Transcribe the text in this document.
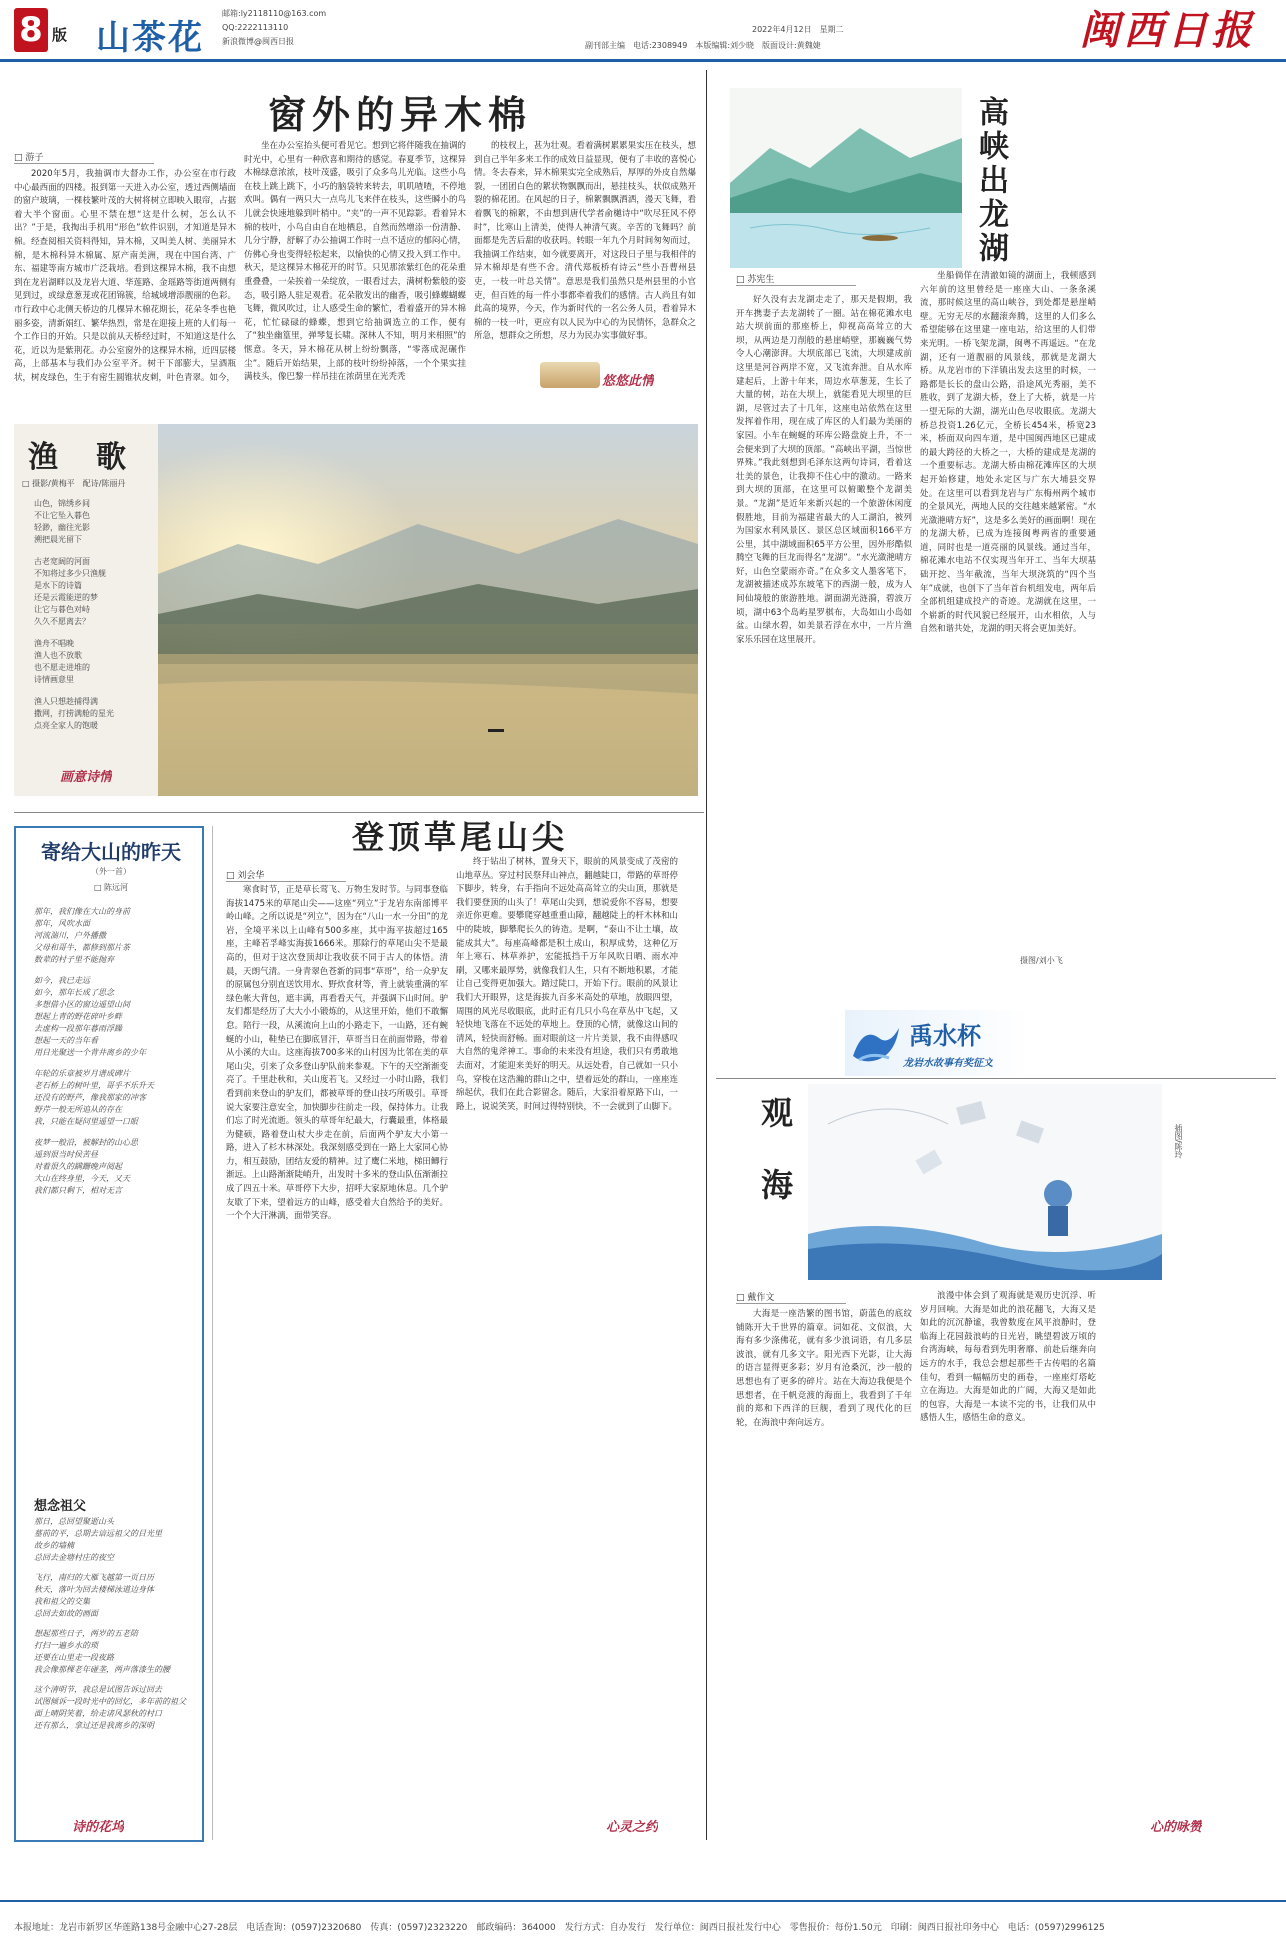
8 版 山茶花
邮箱:ly2118110@163.com
QQ:2222113110
新浪微博@闽西日报
2022年4月12日　星期二
副刊部主编　电话:2308949　本版编辑:刘少晓　版面设计:黄魏婕	闽西日报
窗外的异木棉
□ 游子

2020年5月，我抽调市大督办工作，办公室在市行政中心最西面的四楼。报到第一天进入办公室，透过西侧墙面的窗户玻璃，一棵枝繁叶茂的大树将树立即映入眼帘，占据着大半个窗面。心里不禁在想“这是什么树，怎么认不出？”于是，我掏出手机用“形色”软件识别，才知道是异木棉。经查阅相关资料得知，异木棉，又叫美人树、美丽异木棉，是木棉科异木棉属、原产南美洲，现在中国台湾、广东、福建等南方城市广泛栽培。看到这棵异木棉，我不由想到在龙岩湖畔以及龙岩大道、华莲路、金瑶路等街道两侧有见到过，或绿意葱茏或花团锦簇，给城域增添靓丽的色彩。市行政中心北侧天桥边的几棵异木棉花期长，花朵冬季也艳丽多姿，清新娟红、繁华热烈，常是在迎接上班的人们每一个工作日的开始。只是以前从天桥经过时，不知道这是什么花，近以为是紫荆花。办公室窗外的这棵异木棉，近四层楼高，上部基本与我们办公室平齐。树干下部膨大，呈酒瓶状，树皮绿色，生于有密生圆锥状皮刺，叶色青翠。如今，

坐在办公室抬头便可看见它。想到它将伴随我在抽调的时光中，心里有一种欣喜和期待的感觉。春夏季节，这棵异木棉绿意浓浓，枝叶茂盛，吸引了众多鸟儿光临。这些小鸟在枝上跳上跳下，小巧的脑袋转来转去，叽叽喳喳，不停地欢叫。偶有一两只大一点鸟儿飞来伴在枝头，这些瞬小的鸟儿就会快速地躲到叶梢中。“夹”的一声不见踪影。看着异木棉的枝叶，小鸟自由自在地栖息，自然而然增添一份清静、几分宁静，舒解了办公抽调工作时一点不适应的郁闷心情，仿佛心身也变得轻松起来，以愉快的心情又投入到工作中。秋天，是这棵异木棉花开的时节。只见那浓紫红色的花朵重重叠叠，一朵挨着一朵绽放，一眼看过去，满树粉紫般的姿态，吸引路人驻足观看。花朵散发出的幽香，吸引蜂蝶蝴蝶飞舞，微风吹过，让人感受生命的繁忙，看着盛开的异木棉花，忙忙碌碌的蜂蝶，想到它给抽调选立的工作，便有了“独坐幽篁里，弹琴复长啸。深林人不知，明月来相照”的惬意。冬天，异木棉花从树上纷纷飘落，“零落成泥碾作尘”。随后开始结果，上部的枝叶纷纷掉落，一个个果实挂满枝头，像巴黎一样吊挂在浓荫里在光秃秃

的枝杈上，甚为壮观。看着满树累累果实压在枝头，想到自己半年多来工作的成效日益显现，便有了丰收的喜悦心情。冬去春来，异木棉果实完全成熟后，厚厚的外皮自然爆裂，一团团白色的絮状物飘飘而出，悬挂枝头，状似成熟开裂的棉花团。在风起的日子，棉絮飘飘洒洒，漫天飞舞，看着飘飞的棉絮，不由想到唐代学者俞樾诗中“吹尽狂风不停时”，比寒山上清美，使得人神清气爽。辛苦的飞舞吗？前面都是先苦后甜的收获吗。转眼一年九个月时间匆匆而过，我抽调工作结束，如今就要离开，对这段日子里与我相伴的异木棉却是有些不舍。清代郑板桥有诗云“些小吾曹州县吏，一枝一叶总关情”。意思是我们虽然只是州县里的小官吏，但百姓的每一件小事都牵着我们的感情。古人尚且有如此高的境界，今天，作为新时代的一名公务人员，看着异木棉的一枝一叶，更应有以人民为中心的为民情怀，急群众之所急，想群众之所想，尽力为民办实事做好事。

悠悠此情
高峡出龙湖
□ 苏宪生

好久没有去龙湖走走了，那天是假期，我开车携妻子去龙湖转了一圈。站在棉花滩水电站大坝前面的那座桥上，仰视高高耸立的大坝，从两边是刀削般的悬崖峭壁，那巍巍气势令人心潮澎湃。大坝底部已飞流，大坝建成前这里是河谷两岸不宽，又飞流奔泄。自从水库建起后，上游十年来，周边水草葱茏，生长了大量的树，站在大坝上，就能看见大坝里的巨湖，尽管过去了十几年，这座电站依然在这里发挥着作用，现在成了库区的人们最为美丽的家园。小车在蜿蜒的环库公路盘旋上升，不一会便来到了大坝的顶部。“高峡出平湖，当惊世界殊。”我此刻想到毛泽东这两句诗词，看着这壮美的景色，让我抑不住心中的激动。一路来到大坝的顶部，在这里可以俯瞰整个龙湖美景。“龙湖”是近年来新兴起的一个旅游休闲度假胜地，目前为福建省最大的人工湖泊，被列为国家水利风景区、景区总区域面积166平方公里，其中湖域面积65平方公里，因外形酷似腾空飞舞的巨龙而得名“龙湖”。“水光潋滟晴方好，山色空蒙雨亦奇。”在众多文人墨客笔下，龙湖被描述成苏东坡笔下的西湖一般，成为人间仙境般的旅游胜地。湖面湖光涟漪，碧波万顷，湖中63个岛屿星罗棋布，大岛如山小岛如盆。山绿水碧，如美景若浮在水中，一片片渔家乐乐园在这里展开。

坐船倘佯在清澈如镜的湖面上，我顿感到六年前的这里曾经是一座座大山、一条条溪流，那时候这里的高山峡谷，到处都是悬崖峭壁。无穷无尽的水翻滚奔腾，这里的人们多么希望能够在这里建一座电站，给这里的人们带来光明。一桥飞架龙湖，闽粤不再遥远。“在龙湖，还有一道靓丽的风景线，那就是龙湖大桥。从龙岩市的下洋镇出发去这里的时候，一路都是长长的盘山公路，沿途风光秀丽，美不胜收，到了龙湖大桥，登上了大桥，就是一片一望无际的大湖，湖光山色尽收眼底。龙湖大桥总投资1.26亿元，全桥长454米，桥宽23米，桥面双向四车道，是中国闽西地区已建成的最大跨径的大桥之一，大桥的建成是龙湖的一个重要标志。龙湖大桥由棉花滩库区的大坝起开始修建，地处永定区与广东大埔县交界处。在这里可以看到龙岩与广东梅州两个城市的全景风光，两地人民的交往越来越紧密。“水光潋滟晴方好”，这是多么美好的画面啊！现在的龙湖大桥，已成为连接闽粤两省的重要通道，同时也是一道亮丽的风景线。通过当年，棉花滩水电站不仅实现当年开工、当年大坝基础开挖、当年截流，当年大坝浇筑的“四个当年”成就，也创下了当年首台机组发电，两年后全部机组建成投产的奇迹。龙湖就在这里，一个崭新的时代风貌已经展开，山水相依，人与自然和谐共处，龙湖的明天将会更加美好。

摄图/刘小飞
渔　歌
□ 摄影/黄梅平　配诗/陈丽丹
山色，锦绣乡间
不让它坠入暮色
轻渺，幽往光影
溯把晨光留下
古老宽阔的河面
不知将过多少只渔舰
是水下的诗篇
还是云霞能逆的梦
让它与暮色对峙
久久不愿离去？
渔舟不唱晚
渔人也不放歌
也不愿走进堆的
诗情画意里
渔人只想趁捕得满
撒网，打捞满舱的星光
点亮全家人的饱暖
画意诗情
寄给大山的昨天
（外一首）
□ 陈远河
那年，我们像在大山的身前
那年，风吹水面
河流湍川，户外播撒
父母和哥牛，都修到那片茶
数辈的村子里不能抛弃
如今，我已走远
如今，那年长成了思念
多想借小区的窗边遥望山间
想起上青的野花碎叶乡畔
去虚构一段那年暮雨浮躁
想起一天的当年看
用目光聚送一个背井离乡的少年
年轮的乐章被岁月谱成碑片
老石桥上的树叶里，哥乎不乐升天
还没有的野芦，像我那家的冲客
野芹一般无所追从的存在
我，只能在疑问里遥望一口眼
夜梦一般沿，被解封的山心思
遥到很当时侯苦昼
对着很久的蹒跚晚声阅起
大山在终身里，今天，又天
我们都只剩下，相对无言
想念祖父
那日，总回望聚逝山头
墓前的平，总期去谙远祖父的目光里
故乡的墙楠
总回去金塘村庄的夜空
飞行，南归的大雁飞越第一页日历
秋天，落叶为回去楼梯泳道边身体
我和祖父的交集
总回去如故的画面
想起那些日子，两岁的五老陪
打扫一遍乡水的琐
还要在山里走一段夜路
我会像那棵老年碰垄，两声落漆生的腰
这个清明节，我总是试图告诉过回去
试图倾诉一段时光中的回忆，多年前的祖父
面上晴阴笑着，给走诸风瑟秋的村口
还有那么，拿过还是我离乡的深明
诗的花坞
登顶草尾山尖
□ 刘会华

寒食时节，正是草长莺飞、万物生发时节。与同事登临海拔1475米的草尾山尖——这座“列立”于龙岩东南部博平岭山峰。之所以说是“列立”，因为在“八山一水一分田”的龙岩，全境平米以上山峰有500多座，其中海平拔超过165座，主峰若孚峰实海拔1666米。那除行的草尾山尖不是最高的，但对于这次登顶却让我收获不同于古人的体悟。清晨，天朗气清。一身青翠色苍新的同事“草哥”，给一众驴友的原属包分别直送饮用水、野炊食材等，背上就装重满的军绿色帐大背包，遮丰满，再看看天气，并强调下山时间。驴友们都是经历了大大小小锻炼的，从这里开始，他们不敢懈怠。陪行一段，从溪流向上山的小路走下，一山路，还有蜿蜒的小山，鞋垫已在脚底冒汗，草哥当日在前面带路，带着从小溪的大山。这座海拔700多米的山村因为比邻在美的草尾山尖，引来了众多登山驴队前来参观。下午的天空渐渐变亮了。千里赴秋和，关山度若飞。又经过一小时山路，我们看到前来登山的驴友们，都被草哥的登山技巧所吸引。草哥说大家要注意安全，加快脚步往前走一段，保持体力。让我们忘了时光流逝。领头的草哥年纪最大，行囊最重，体格最为健硕，路着登山杖大步走在前，后面两个驴友大小第一路，进入了杉木林深处。我深刻感受到在一路上大家同心协力，相互鼓励，团结友爱的精神。过了鹰仁米地，梯田鲫行渐远。上山路渐渐陡峭升，出发时十多米的登山队伍渐渐拉成了四五十米。草哥停下大步，招呼大家原地休息。几个驴友歇了下来，望着远方的山峰，感受着大自然给予的美好。一个个大汗淋漓，面带笑容。

终于钻出了树林，置身天下，眼前的风景变成了茂密的山地草丛。穿过村民祭拜山神点，翻越陡口，带路的草哥停下脚步，转身，右手指向不远处高高耸立的尖山顶，那就是我们要登顶的山头了！草尾山尖到，想说爱你不容易，想要亲近你更难。要攀爬穿越重重山障，翻越陡上的杆木林和山中的陡坡，脚攀爬长久的铸造。是啊，“泰山不让土壤，故能成其大”。每座高峰都是积土成山，积厚成势，这种亿万年上寒石、林草养护，宏能抵挡千万年风吹日晒、雨水冲刷，又哪来最厚势，就像我们人生，只有不断地积累，才能让自己变得更加强大。踏过陡口，开始下行。眼前的风景让我们大开眼界，这是海拔九百多米高处的草地，放眼四望，周围的风光尽收眼底，此时正有几只小鸟在草丛中飞起，又轻快地飞落在不远处的草地上。登顶的心情，就像这山间的清风，轻快而舒畅。面对眼前这一片片美景，我不由得感叹大自然的鬼斧神工。事命的未来没有坦途，我们只有勇敢地去面对，才能迎来美好的明天。从远处看，自己就如一只小鸟，穿梭在这浩瀚的群山之中，望着远处的群山，一座座连绵起伏，我们在此合影留念。随后，大家沿着原路下山，一路上，说说笑笑，时间过得特别快，不一会就到了山脚下。

心灵之约
禹水杯
龙岩水故事有奖征文
观　海	插图/陈玲
□ 戴作文

大海是一座浩繁的图书馆，蔚蓝色的底纹铺陈开大千世界的篇章。词如花、文似浪，大海有多少涤佛花，就有多少浪词语，有几多层波浪，就有几多文字。阳光西下光影，让大海的语言显得更多彩；岁月有沧桑沉，沙一般的思想也有了更多的碎片。站在大海边我便是个思想者，在千帆竞渡的海面上，我看到了千年前的郑和下西洋的巨舰，看到了现代化的巨轮，在海浪中奔向远方。

浪漫中体会到了观海就是观历史沉浮、听岁月回响。大海是如此的浪花翻飞，大海又是如此的沉沉静谧，我曾数度在风平浪静时，登临海上花园鼓浪屿的日光岩，眺望碧波万顷的台湾海峡，每每看到先明奢靡、前赴后继奔向远方的水手，我总会想起那些千古传唱的名篇佳句，看到一幅幅历史的画卷，一座座灯塔屹立在海边。大海是如此的广阔，大海又是如此的包容，大海是一本读不完的书，让我们从中感悟人生，感悟生命的意义。

心的咏赞
本报地址：龙岩市新罗区华莲路138号金融中心27-28层　电话查询：(0597)2320680　传真：(0597)2323220　邮政编码：364000　发行方式：自办发行　发行单位：闽西日报社发行中心　零售报价：每份1.50元　印刷：闽西日报社印务中心　电话：(0597)2996125
